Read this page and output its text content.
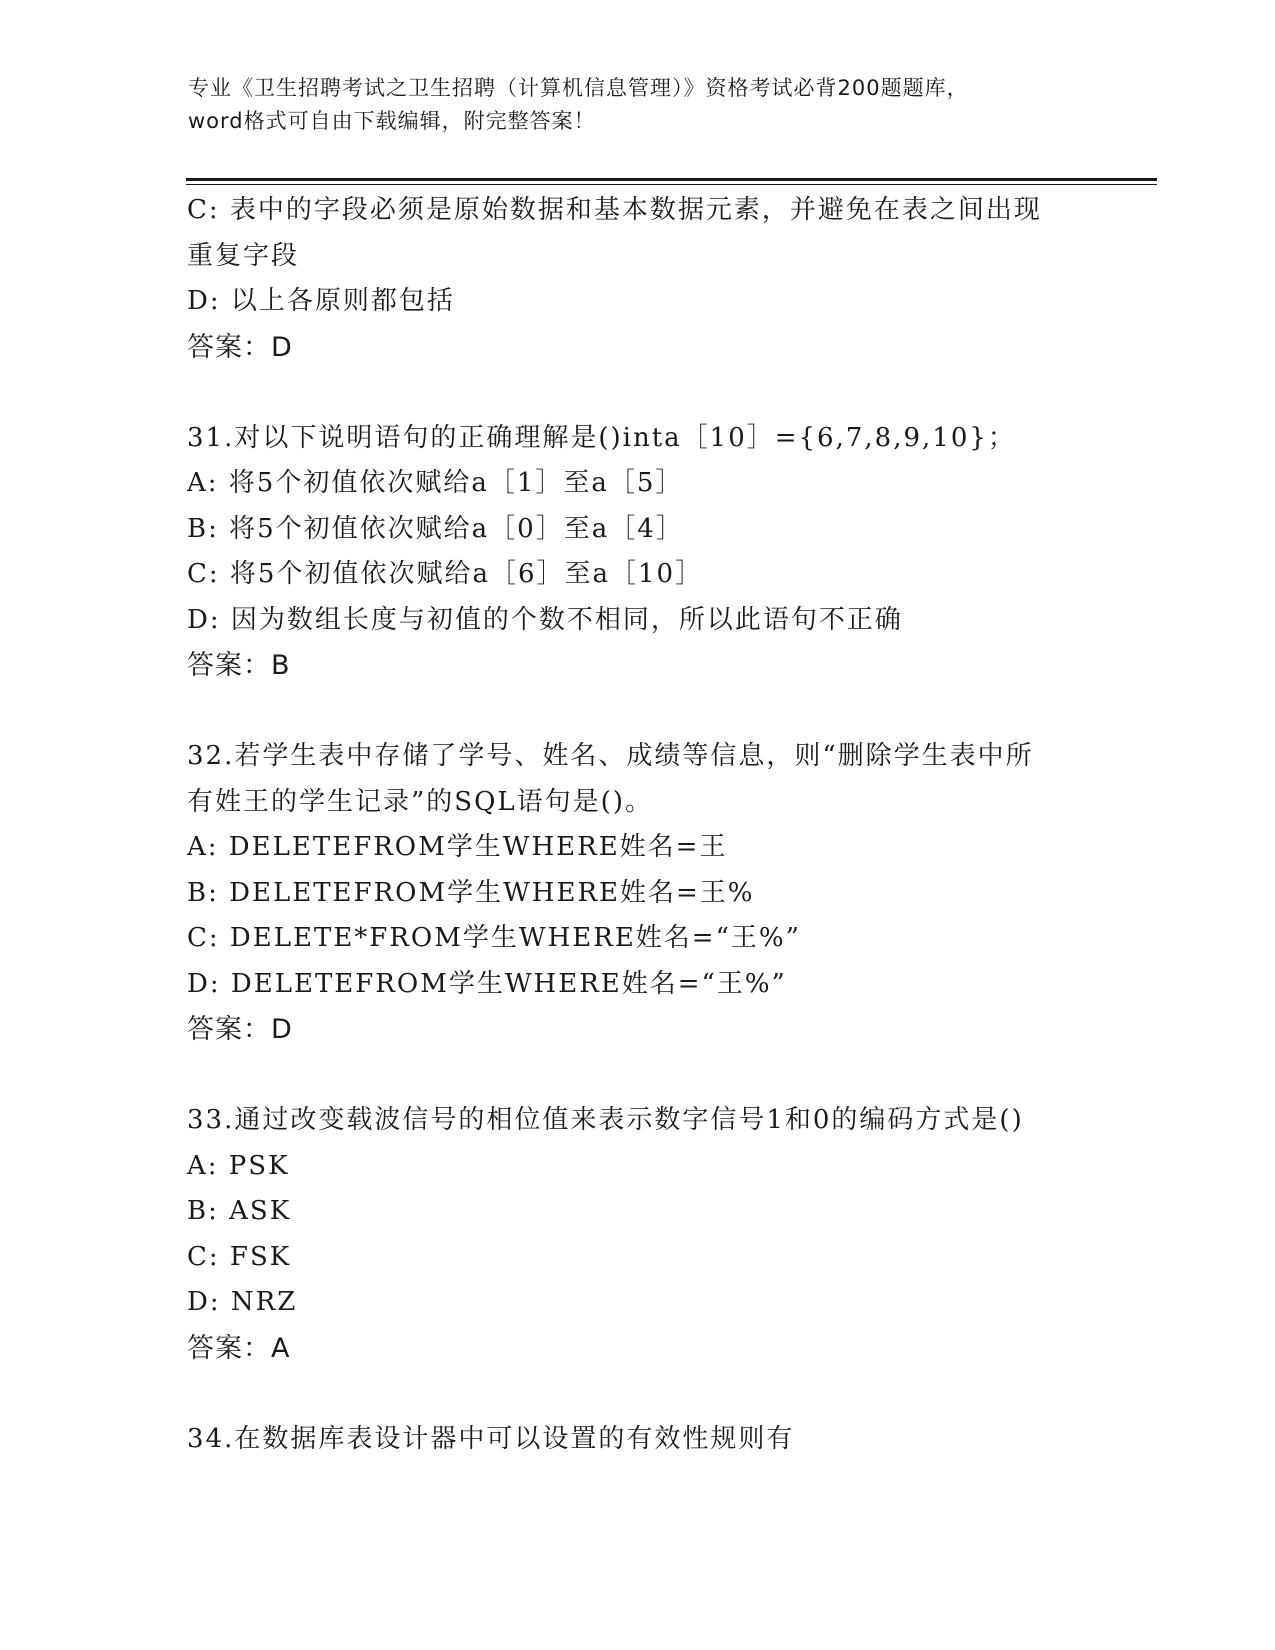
专业《卫生招聘考试之卫生招聘（计算机信息管理）》资格考试必背200题题库，
word格式可自由下载编辑，附完整答案！
C: 表中的字段必须是原始数据和基本数据元素，并避免在表之间出现
重复字段
D: 以上各原则都包括
答案：D
31.对以下说明语句的正确理解是()inta［10］={6,7,8,9,10}；
A: 将5个初值依次赋给a［1］至a［5］
B: 将5个初值依次赋给a［0］至a［4］
C: 将5个初值依次赋给a［6］至a［10］
D: 因为数组长度与初值的个数不相同，所以此语句不正确
答案：B
32.若学生表中存储了学号、姓名、成绩等信息，则“删除学生表中所
有姓王的学生记录”的SQL语句是()。
A: DELETEFROM学生WHERE姓名=王
B: DELETEFROM学生WHERE姓名=王%
C: DELETE*FROM学生WHERE姓名=“王%”
D: DELETEFROM学生WHERE姓名=“王%”
答案：D
33.通过改变载波信号的相位值来表示数字信号1和0的编码方式是()
A: PSK
B: ASK
C: FSK
D: NRZ
答案：A
34.在数据库表设计器中可以设置的有效性规则有
